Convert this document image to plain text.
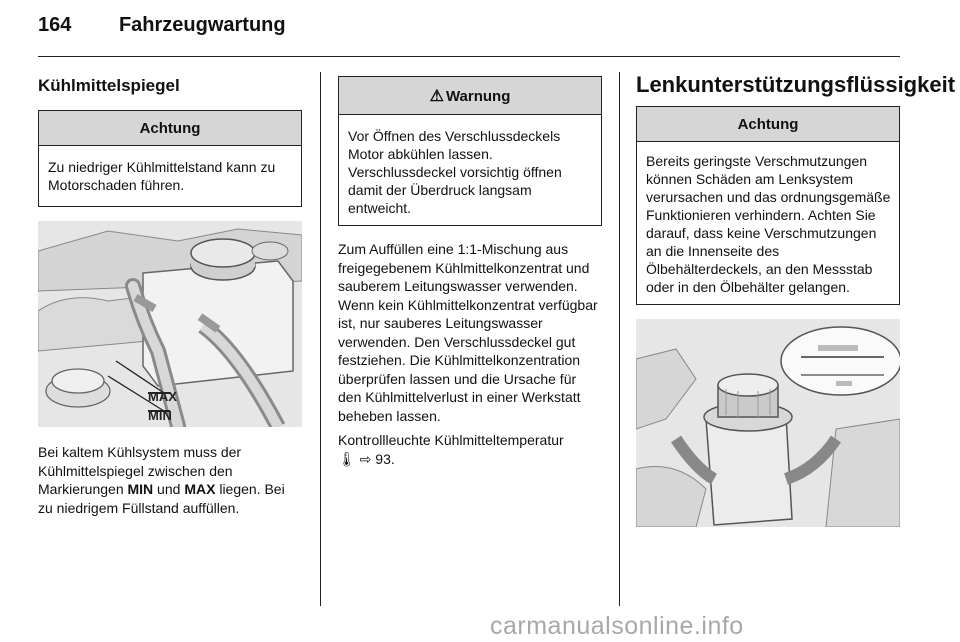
164 Fahrzeugwartung
Kühlmittelspiegel
Achtung
Zu niedriger Kühlmittelstand kann zu Motorschaden führen.
MAX
MIN
Bei kaltem Kühlsystem muss der Kühlmittelspiegel zwischen den Markierungen MIN und MAX liegen. Bei zu niedrigem Füllstand auffüllen.
⚠ Warnung
Vor Öffnen des Verschlussdeckels Motor abkühlen lassen. Verschlussdeckel vorsichtig öffnen damit der Überdruck langsam entweicht.
Zum Auffüllen eine 1:1-Mischung aus freigegebenem Kühlmittelkonzentrat und sauberem Leitungswasser verwenden. Wenn kein Kühlmittelkonzentrat verfügbar ist, nur sauberes Leitungswasser verwenden. Den Verschlussdeckel gut festziehen. Die Kühlmittelkonzentration überprüfen lassen und die Ursache für den Kühlmittelverlust in einer Werkstatt beheben lassen.
Kontrollleuchte Kühlmitteltemperatur
🌡 ⇨ 93.
Lenkunterstützungsflüssigkeit
Achtung
Bereits geringste Verschmutzungen können Schäden am Lenksystem verursachen und das ordnungsgemäße Funktionieren verhindern. Achten Sie darauf, dass keine Verschmutzungen an die Innenseite des Ölbehälterdeckels, an den Messstab oder in den Ölbehälter gelangen.
carmanualsonline.info
